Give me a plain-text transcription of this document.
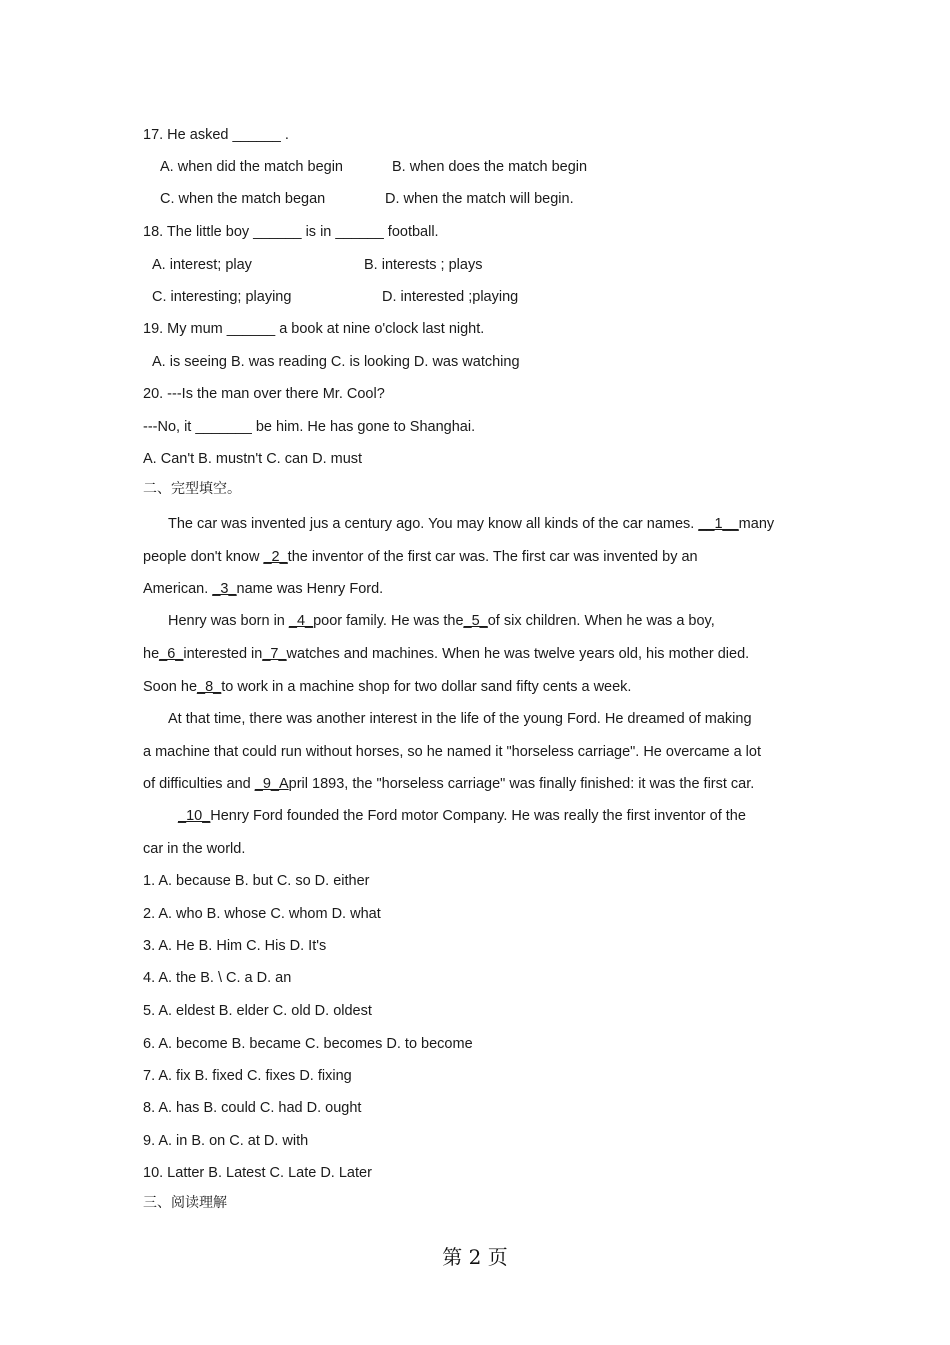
17. He asked ______ .
A. when did the match begin	B. when does the match begin
C. when the match began	D. when the match will begin.
18. The little boy ______ is in ______ football.
A. interest; play	B. interests ; plays
C. interesting; playing	D. interested ;playing
19. My mum ______ a book at nine o'clock last night.
A. is seeing B. was reading C. is looking D. was watching
20. ---Is the man over there Mr. Cool?
---No, it _______ be him. He has gone to Shanghai.
A. Can't B. mustn't C. can D. must
二、完型填空。
The car was invented jus a century ago. You may know all kinds of the car names. __1__many
people don't know _2_the inventor of the first car was. The first car was invented by an
American. _3_name was Henry Ford.
Henry was born in _4_poor family. He was the_5_of six children. When he was a boy,
he_6_interested in_7_watches and machines. When he was twelve years old, his mother died.
Soon he_8_to work in a machine shop for two dollar sand fifty cents a week.
At that time, there was another interest in the life of the young Ford. He dreamed of making
a machine that could run without horses, so he named it "horseless carriage". He overcame a lot
of difficulties and _9_April 1893, the "horseless carriage" was finally finished: it was the first car.
_10_Henry Ford founded the Ford motor Company. He was really the first inventor of the
car in the world.
1. A. because B. but C. so D. either
2. A. who B. whose C. whom D. what
3. A. He B. Him C. His D. It's
4. A. the B. \ C. a D. an
5. A. eldest B. elder C. old D. oldest
6. A. become B. became C. becomes D. to become
7. A. fix B. fixed C. fixes D. fixing
8. A. has B. could C. had D. ought
9. A. in B. on C. at D. with
10. Latter B. Latest C. Late D. Later
三、阅读理解
第 2 页
